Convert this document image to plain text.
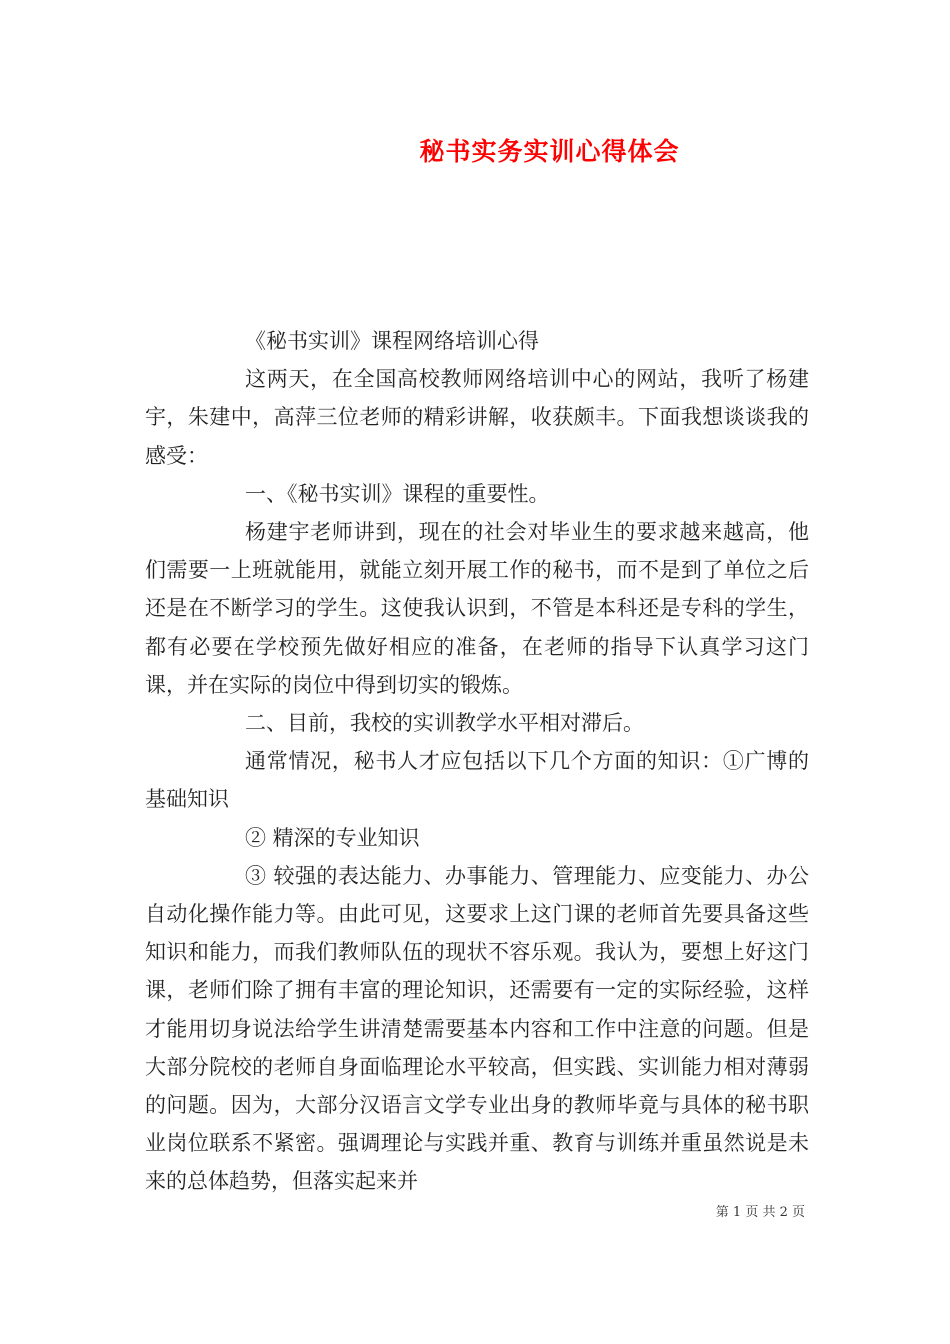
秘书实务实训心得体会

《秘书实训》课程网络培训心得

这两天，在全国高校教师网络培训中心的网站，我听了杨建宇，朱建中，高萍三位老师的精彩讲解，收获颇丰。下面我想谈谈我的感受：

一、《秘书实训》课程的重要性。

杨建宇老师讲到，现在的社会对毕业生的要求越来越高，他们需要一上班就能用，就能立刻开展工作的秘书，而不是到了单位之后还是在不断学习的学生。这使我认识到，不管是本科还是专科的学生，都有必要在学校预先做好相应的准备，在老师的指导下认真学习这门课，并在实际的岗位中得到切实的锻炼。

二、目前，我校的实训教学水平相对滞后。

通常情况，秘书人才应包括以下几个方面的知识：①广博的基础知识

② 精深的专业知识

③ 较强的表达能力、办事能力、管理能力、应变能力、办公自动化操作能力等。由此可见，这要求上这门课的老师首先要具备这些知识和能力，而我们教师队伍的现状不容乐观。我认为，要想上好这门课，老师们除了拥有丰富的理论知识，还需要有一定的实际经验，这样才能用切身说法给学生讲清楚需要基本内容和工作中注意的问题。但是大部分院校的老师自身面临理论水平较高，但实践、实训能力相对薄弱的问题。因为，大部分汉语言文学专业出身的教师毕竟与具体的秘书职业岗位联系不紧密。强调理论与实践并重、教育与训练并重虽然说是未来的总体趋势，但落实起来并

第 1 页 共 2 页
